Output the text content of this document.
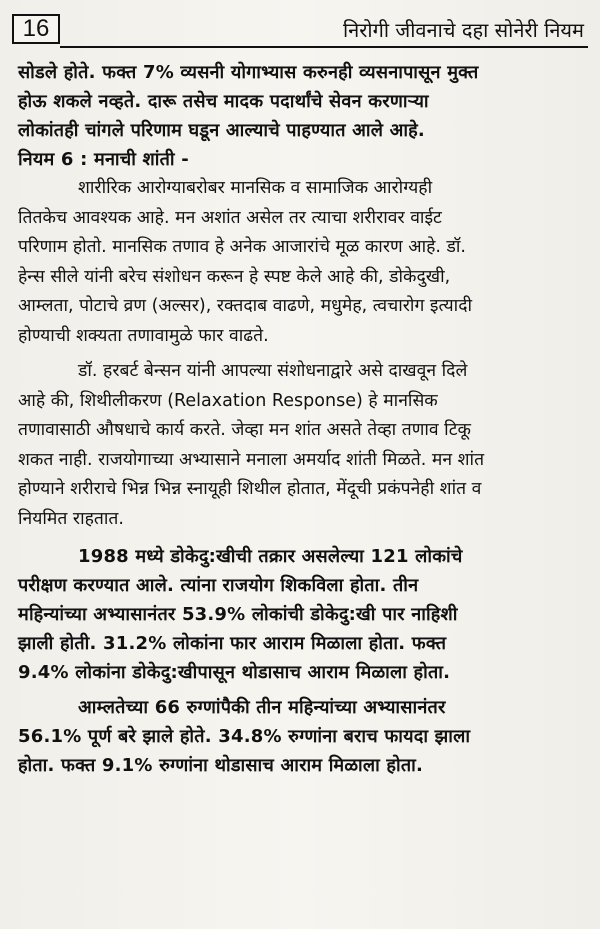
16	निरोगी जीवनाचे दहा सोनेरी नियम

सोडले होते. फक्त 7% व्यसनी योगाभ्यास करुनही व्यसनापासून मुक्त

होऊ शकले नव्हते. दारू तसेच मादक पदार्थांचे सेवन करणाऱ्या

लोकांतही चांगले परिणाम घडून आल्याचे पाहण्यात आले आहे.

नियम 6 : मनाची शांती -

शारीरिक आरोग्याबरोबर मानसिक व सामाजिक आरोग्यही

तितकेच आवश्यक आहे. मन अशांत असेल तर त्याचा शरीरावर वाईट

परिणाम होतो. मानसिक तणाव हे अनेक आजारांचे मूळ कारण आहे. डॉ.

हेन्स सीले यांनी बरेच संशोधन करून हे स्पष्ट केले आहे की, डोकेदुखी,

आम्लता, पोटाचे व्रण (अल्सर), रक्तदाब वाढणे, मधुमेह, त्वचारोग इत्यादी

होण्याची शक्यता तणावामुळे फार वाढते.

डॉ. हरबर्ट बेन्सन यांनी आपल्या संशोधनाद्वारे असे दाखवून दिले

आहे की, शिथीलीकरण (Relaxation Response) हे मानसिक

तणावासाठी औषधाचे कार्य करते. जेव्हा मन शांत असते तेव्हा तणाव टिकू

शकत नाही. राजयोगाच्या अभ्यासाने मनाला अमर्याद शांती मिळते. मन शांत

होण्याने शरीराचे भिन्न भिन्न स्नायूही शिथील होतात, मेंदूची प्रकंपनेही शांत व

नियमित राहतात.

1988 मध्ये डोकेदु:खीची तक्रार असलेल्या 121 लोकांचे

परीक्षण करण्यात आले. त्यांना राजयोग शिकविला होता. तीन

महिन्यांच्या अभ्यासानंतर 53.9% लोकांची डोकेदु:खी पार नाहिशी

झाली होती. 31.2% लोकांना फार आराम मिळाला होता. फक्त

9.4% लोकांना डोकेदु:खीपासून थोडासाच आराम मिळाला होता.

आम्लतेच्या 66 रुग्णांपैकी तीन महिन्यांच्या अभ्यासानंतर

56.1% पूर्ण बरे झाले होते. 34.8% रुग्णांना बराच फायदा झाला

होता. फक्त 9.1% रुग्णांना थोडासाच आराम मिळाला होता.
